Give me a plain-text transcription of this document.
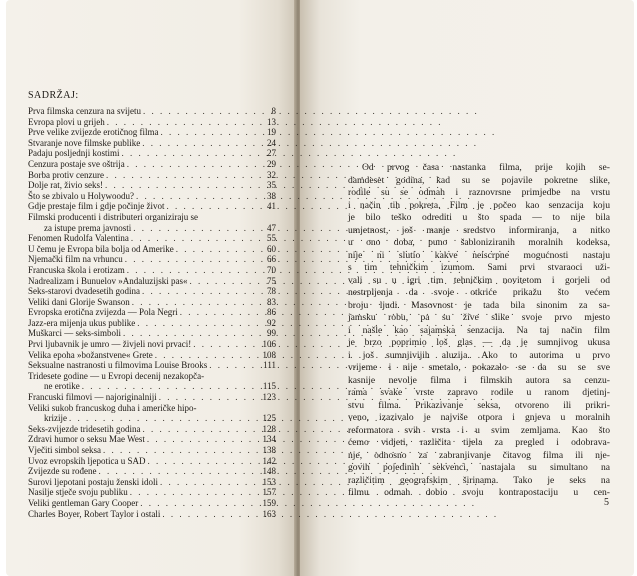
SADRŽAJ:
Prva filmska cenzura na svijetu . . .	8
Evropa plovi u grijeh . . .	13
Prve velike zvijezde erotičnog filma . . .	19
Stvaranje nove filmske publike . . .	24
Padaju posljednji kostimi . . .	27
Cenzura postaje sve oštrija . . .	29
Borba protiv cenzure . . .	32
Dolje rat, živio seks! . . .	35
Što se zbivalo u Holywoodu? . . .	38
Gdje prestaje film i gdje počinje život . . .	41
Filmski producenti i distributeri organiziraju se
za istupe prema javnosti . . .	47
Fenomen Rudolfa Valentina . . .	55
U čemu je Evropa bila bolja od Amerike . . .	60
Njemački film na vrhuncu . . .	66
Francuska škola i erotizam . . .	70
Nadrealizam i Bunuelov »Andaluzijski pas« . . .	75
Seks-starovi dvadesetih godina . . .	78
Veliki dani Glorije Swanson . . .	83
Evropska erotična zvijezda — Pola Negri . . .	86
Jazz-era mijenja ukus publike . . .	92
Muškarci — seks-simboli . . .	99
Prvi ljubavnik je umro — živjeli novi prvaci! . . .	106
Velika epoha »božanstvene« Grete . . .	108
Seksualne nastranosti u filmovima Louise Brooks . . .	111
Tridesete godine — u Evropi decenij nezakopča-
ne erotike . . .	115
Francuski filmovi — najoriginalniji . . .	123
Veliki sukob francuskog duha i američke hipo-
krizije . . .	125
Seks-zvijezde tridesetih godina . . .	128
Zdravi humor o seksu Mae West . . .	134
Vječiti simbol seksa . . .	138
Uvoz evropskih ljepotica u SAD . . .	142
Zvijezde su rođene . . .	148
Surovi ljepotani postaju ženski idoli . . .	153
Nasilje stječe svoju publiku . . .	157
Veliki gentleman Gary Cooper . . .	159
Charles Boyer, Robert Taylor i ostali . . .	163
Od prvog časa nastanka filma, prije kojih se-
damdeset godina, kad su se pojavile pokretne slike,
rodile su se odmah i raznovrsne primjedbe na vrstu
i način tih pokreta. Film je počeo kao senzacija koju
je bilo teško odrediti u što spada — to nije bila
umjetnost, još manje sredstvo informiranja, a nitko
u ono doba, puno šabloniziranih moralnih kodeksa,
nije ni slutio kakve neiscrpne mogućnosti nastaju
s tim tehničkim izumom. Sami prvi stvaraoci uži-
vali su u igri tim tehničkim novitetom i gorjeli od
nestrpljenja da svoje otkriće prikažu što većem
broju ljudi. Masovnost je tada bila sinonim za sa-
jamsku robu, pa su žive slike svoje prvo mjesto
i našle kao sajamska senzacija. Na taj način film
je brzo poprimio loš glas — da je sumnjivog ukusa
i još sumnjivijih aluzija. Ako to autorima u prvo
vrijeme i nije smetalo, pokazalo se da su se sve
kasnije nevolje filma i filmskih autora sa cenzu-
rama svake vrste zapravo rodile u ranom djetinj-
stvu filma. Prikazivanje seksa, otvoreno ili prikri-
veno, izazivalo je najviše otpora i gnjeva u moralnih
reformatora svih vrsta i u svim zemljama. Kao što
ćemo vidjeti, različita tijela za pregled i odobrava-
nje, odnosno za zabranjivanje čitavog filma ili nje-
govih pojedinih sekvenci, nastajala su simultano na
različitim geografskim širinama. Tako je seks na
filmu odmah dobio svoju kontrapostaciju u cen-
5
